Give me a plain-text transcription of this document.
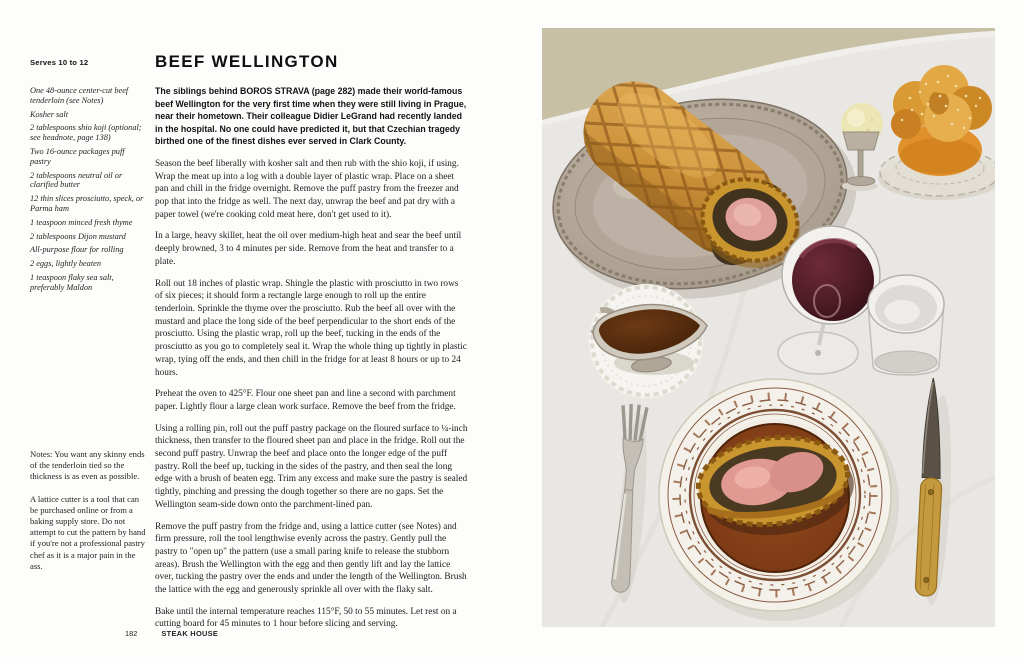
Serves 10 to 12

One 48-ounce center-cut beef tenderloin (see Notes)

Kosher salt

2 tablespoons shio koji (optional; see headnote, page 138)

Two 16-ounce packages puff pastry

2 tablespoons neutral oil or clarified butter

12 thin slices prosciutto, speck, or Parma ham

1 teaspoon minced fresh thyme

2 tablespoons Dijon mustard

All-purpose flour for rolling

2 eggs, lightly beaten

1 teaspoon flaky sea salt, preferably Maldon

Notes: You want any skinny ends of the tenderloin tied so the thickness is as even as possible.

A lattice cutter is a tool that can be purchased online or from a baking supply store. Do not attempt to cut the pattern by hand if you're not a professional pastry chef as it is a major pain in the ass.

BEEF WELLINGTON

The siblings behind BOROS STRAVA (page 282) made their world-famous beef Wellington for the very first time when they were still living in Prague, near their hometown. Their colleague Didier LeGrand had recently landed in the hospital. No one could have predicted it, but that Czechian tragedy birthed one of the finest dishes ever served in Clark County.

Season the beef liberally with kosher salt and then rub with the shio koji, if using. Wrap the meat up into a log with a double layer of plastic wrap. Place on a sheet pan and chill in the fridge overnight. Remove the puff pastry from the freezer and pop that into the fridge as well. The next day, unwrap the beef and pat dry with a paper towel (we're cooking cold meat here, don't get used to it).

In a large, heavy skillet, heat the oil over medium-high heat and sear the beef until deeply browned, 3 to 4 minutes per side. Remove from the heat and transfer to a plate.

Roll out 18 inches of plastic wrap. Shingle the plastic with prosciutto in two rows of six pieces; it should form a rectangle large enough to roll up the entire tenderloin. Sprinkle the thyme over the prosciutto. Rub the beef all over with the mustard and place the long side of the beef perpendicular to the short ends of the prosciutto. Using the plastic wrap, roll up the beef, tucking in the ends of the prosciutto as you go to completely seal it. Wrap the whole thing up tightly in plastic wrap, tying off the ends, and then chill in the fridge for at least 8 hours or up to 24 hours.

Preheat the oven to 425°F. Flour one sheet pan and line a second with parchment paper. Lightly flour a large clean work surface. Remove the beef from the fridge.

Using a rolling pin, roll out the puff pastry package on the floured surface to ¼-inch thickness, then transfer to the floured sheet pan and place in the fridge. Roll out the second puff pastry. Unwrap the beef and place onto the longer edge of the puff pastry. Roll the beef up, tucking in the sides of the pastry, and then seal the long edge with a brush of beaten egg. Trim any excess and make sure the pastry is sealed tightly, pinching and pressing the dough together so there are no gaps. Set the Wellington seam-side down onto the parchment-lined pan.

Remove the puff pastry from the fridge and, using a lattice cutter (see Notes) and firm pressure, roll the tool lengthwise evenly across the pastry. Gently pull the pastry to "open up" the pattern (use a small paring knife to release the stubborn areas). Brush the Wellington with the egg and then gently lift and lay the lattice over, tucking the pastry over the ends and under the length of the Wellington. Brush the lattice with the egg and generously sprinkle all over with the flaky salt.

Bake until the internal temperature reaches 115°F, 50 to 55 minutes. Let rest on a cutting board for 45 minutes to 1 hour before slicing and serving.

182	STEAK HOUSE
